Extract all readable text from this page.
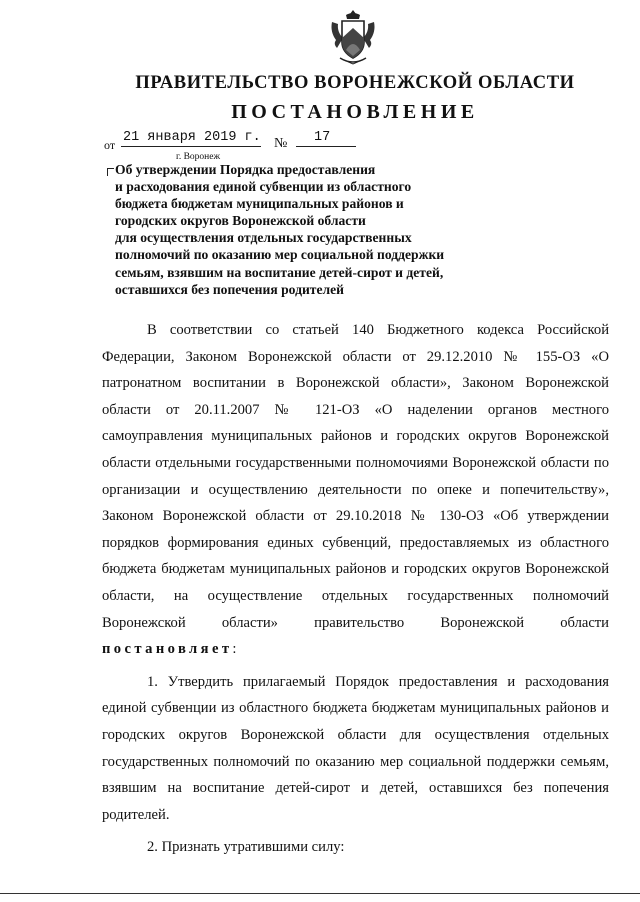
ПРАВИТЕЛЬСТВО ВОРОНЕЖСКОЙ ОБЛАСТИ
ПОСТАНОВЛЕНИЕ
от 21 января 2019 г. №	17
г. Воронеж
Об утверждении Порядка предоставления
и расходования единой субвенции из областного
бюджета бюджетам муниципальных районов и
городских округов Воронежской области
для осуществления отдельных государственных
полномочий по оказанию мер социальной поддержки
семьям, взявшим на воспитание детей-сирот и детей,
оставшихся без попечения родителей

В соответствии со статьей 140 Бюджетного кодекса Российской Федерации, Законом Воронежской области от 29.12.2010 № 155-ОЗ «О патронатном воспитании в Воронежской области», Законом Воронежской области от 20.11.2007 № 121-ОЗ «О наделении органов местного самоуправления муниципальных районов и городских округов Воронежской области отдельными государственными полномочиями Воронежской области по организации и осуществлению деятельности по опеке и попечительству», Законом Воронежской области от 29.10.2018 № 130-ОЗ «Об утверждении порядков формирования единых субвенций, предоставляемых из областного бюджета бюджетам муниципальных районов и городских округов Воронежской области, на осуществление отдельных государственных полномочий Воронежской области» правительство Воронежской области постановляет:

1. Утвердить прилагаемый Порядок предоставления и расходования единой субвенции из областного бюджета бюджетам муниципальных районов и городских округов Воронежской области для осуществления отдельных государственных полномочий по оказанию мер социальной поддержки семьям, взявшим на воспитание детей-сирот и детей, оставшихся без попечения родителей.

2. Признать утратившими силу:
